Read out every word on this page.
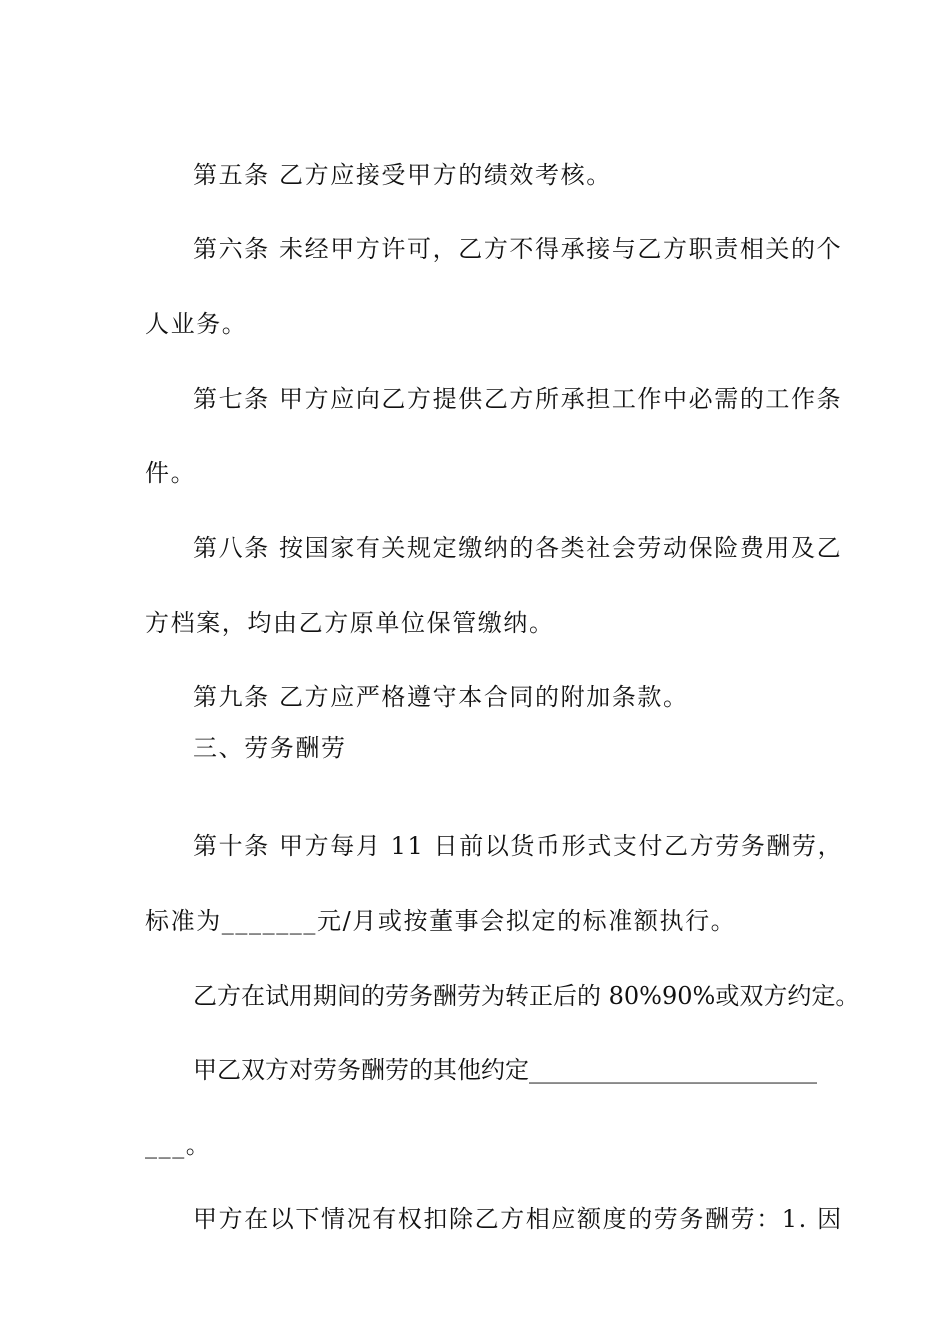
第五条 乙方应接受甲方的绩效考核。

第六条 未经甲方许可，乙方不得承接与乙方职责相关的个

人业务。

第七条 甲方应向乙方提供乙方所承担工作中必需的工作条

件。

第八条 按国家有关规定缴纳的各类社会劳动保险费用及乙

方档案，均由乙方原单位保管缴纳。

第九条 乙方应严格遵守本合同的附加条款。

三、劳务酬劳

第十条 甲方每月 11 日前以货币形式支付乙方劳务酬劳，

标准为_______元/月或按董事会拟定的标准额执行。

乙方在试用期间的劳务酬劳为转正后的 80%90%或双方约定。

甲乙双方对劳务酬劳的其他约定________________________

___。

甲方在以下情况有权扣除乙方相应额度的劳务酬劳：1. 因
